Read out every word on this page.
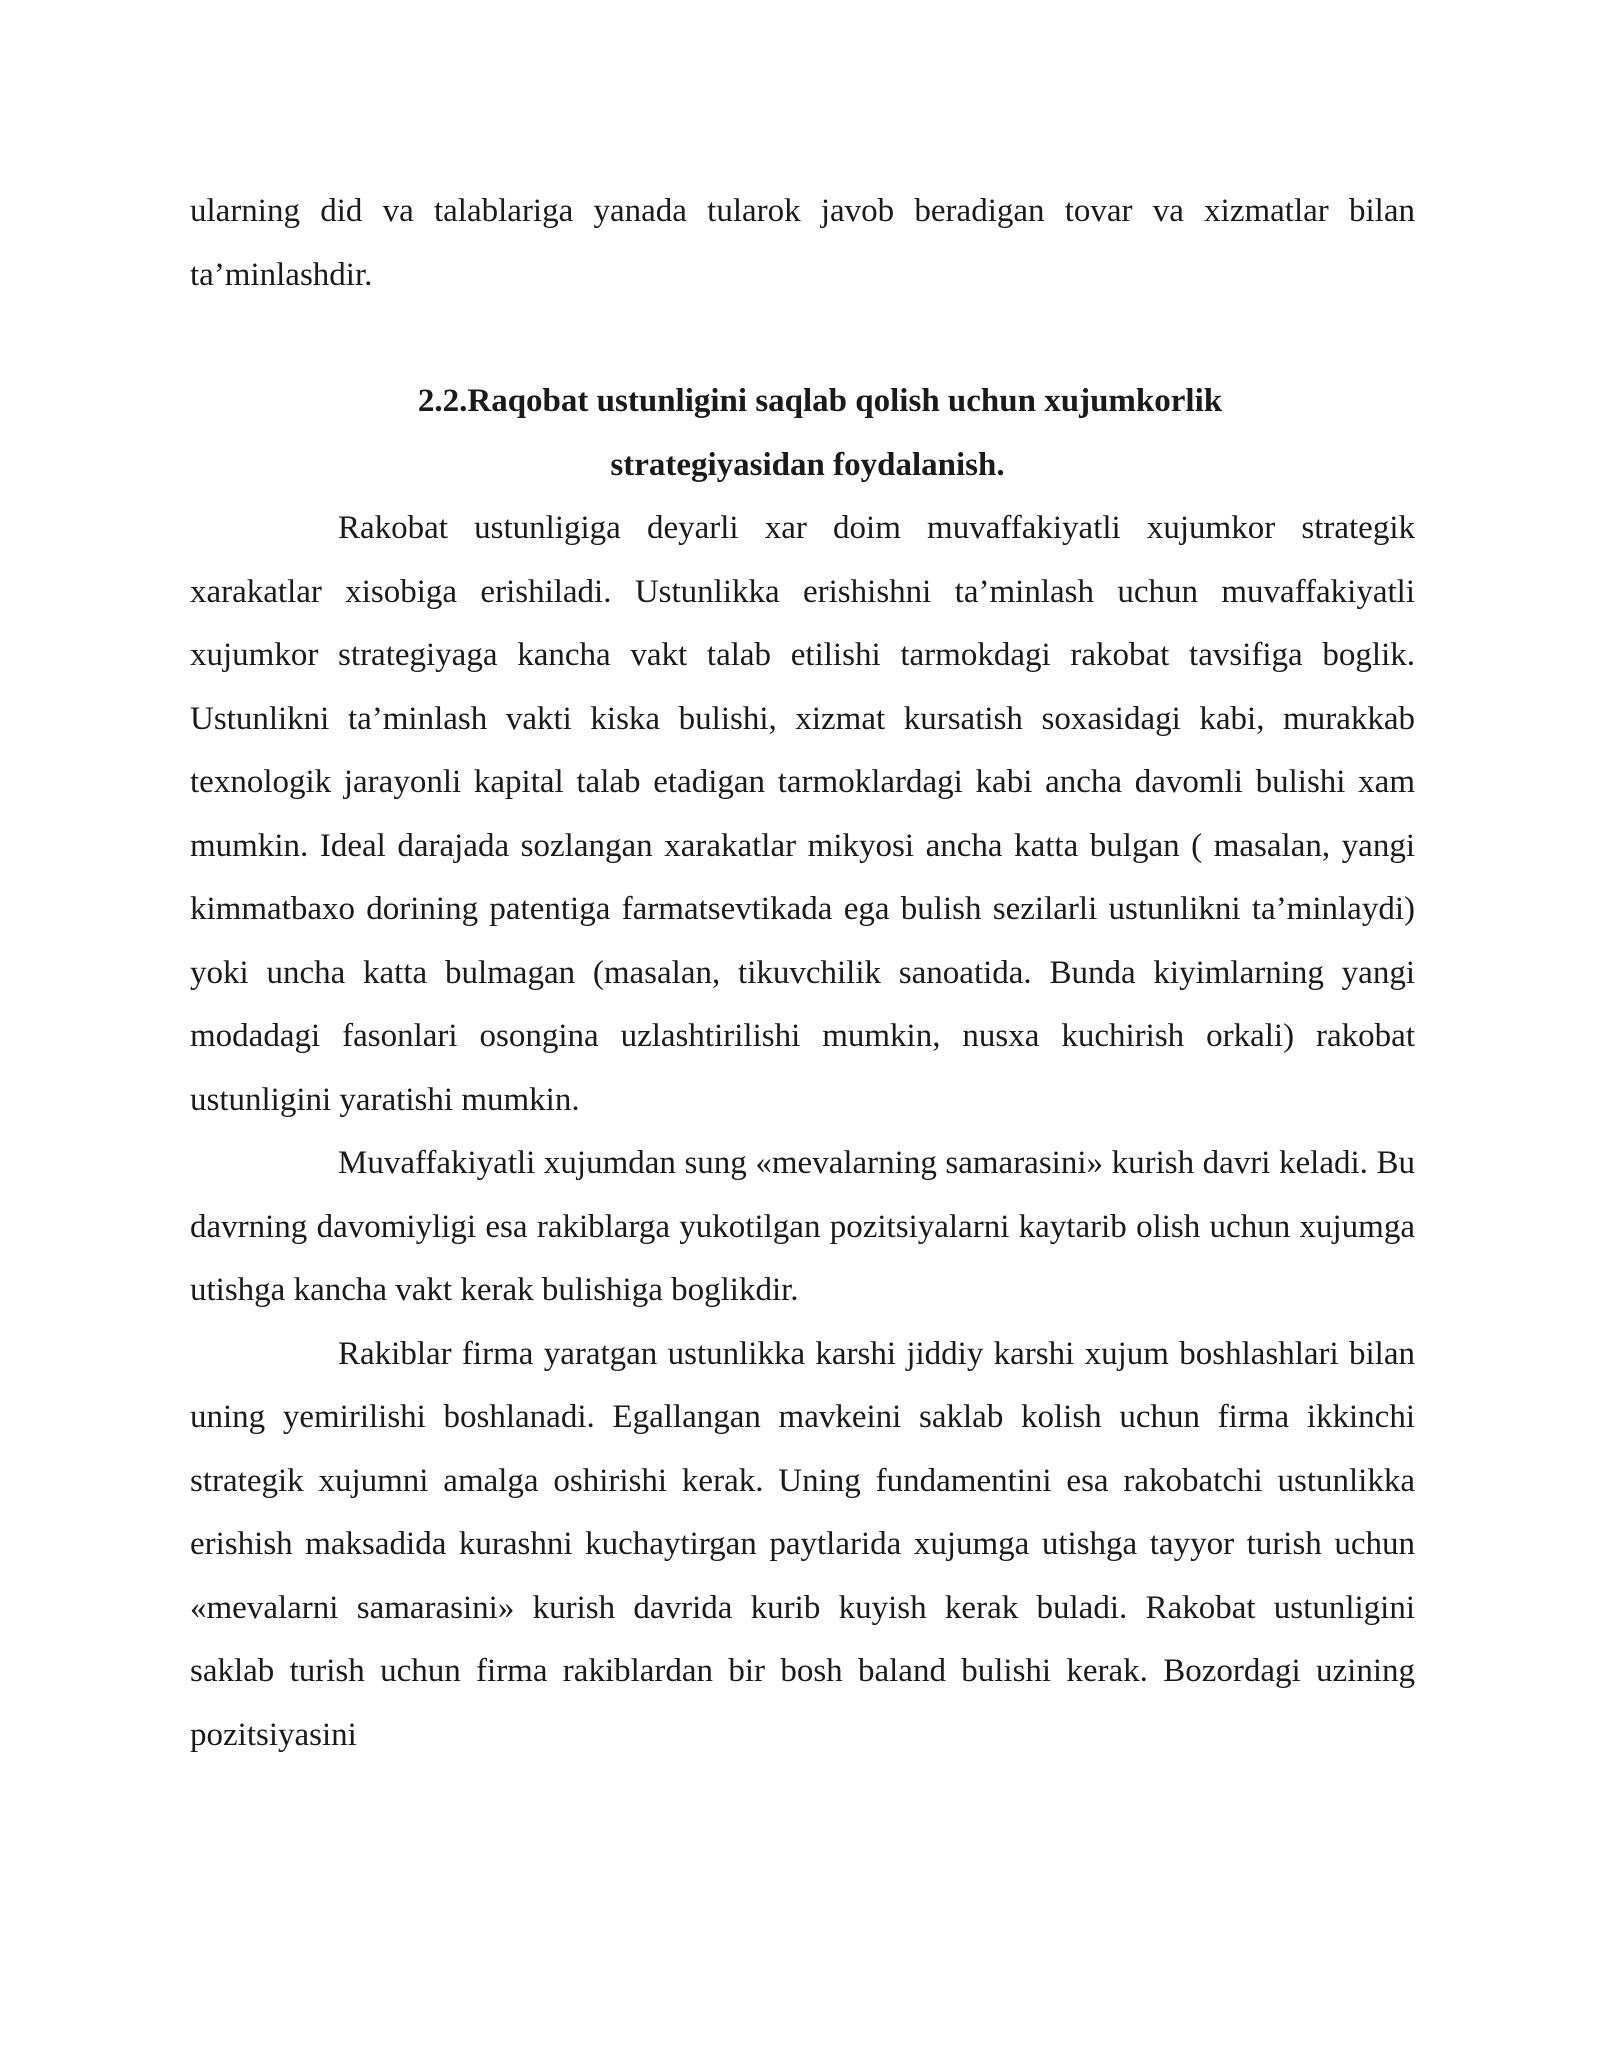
ularning did va talablariga yanada tularok javob beradigan tovar va xizmatlar bilan ta’minlashdir.

2.2.Raqobat ustunligini saqlab qolish uchun xujumkorlik
strategiyasidan foydalanish.

Rakobat ustunligiga deyarli xar doim muvaffakiyatli xujumkor strategik xarakatlar xisobiga erishiladi. Ustunlikka erishishni ta’minlash uchun muvaffakiyatli xujumkor strategiyaga kancha vakt talab etilishi tarmokdagi rakobat tavsifiga boglik. Ustunlikni ta’minlash vakti kiska bulishi, xizmat kursatish soxasidagi kabi, murakkab texnologik jarayonli kapital talab etadigan tarmoklardagi kabi ancha davomli bulishi xam mumkin. Ideal darajada sozlangan xarakatlar mikyosi ancha katta bulgan ( masalan, yangi kimmatbaxo dorining patentiga farmatsevtikada ega bulish sezilarli ustunlikni ta’minlaydi) yoki uncha katta bulmagan (masalan, tikuvchilik sanoatida. Bunda kiyimlarning yangi modadagi fasonlari osongina uzlashtirilishi mumkin, nusxa kuchirish orkali) rakobat ustunligini yaratishi mumkin.

Muvaffakiyatli xujumdan sung «mevalarning samarasini» kurish davri keladi. Bu davrning davomiyligi esa rakiblarga yukotilgan pozitsiyalarni kaytarib olish uchun xujumga utishga kancha vakt kerak bulishiga boglikdir.

Rakiblar firma yaratgan ustunlikka karshi jiddiy karshi xujum boshlashlari bilan uning yemirilishi boshlanadi. Egallangan mavkeini saklab kolish uchun firma ikkinchi strategik xujumni amalga oshirishi kerak. Uning fundamentini esa rakobatchi ustunlikka erishish maksadida kurashni kuchaytirgan paytlarida xujumga utishga tayyor turish uchun «mevalarni samarasini» kurish davrida kurib kuyish kerak buladi. Rakobat ustunligini saklab turish uchun firma rakiblardan bir bosh baland bulishi kerak. Bozordagi uzining pozitsiyasini
